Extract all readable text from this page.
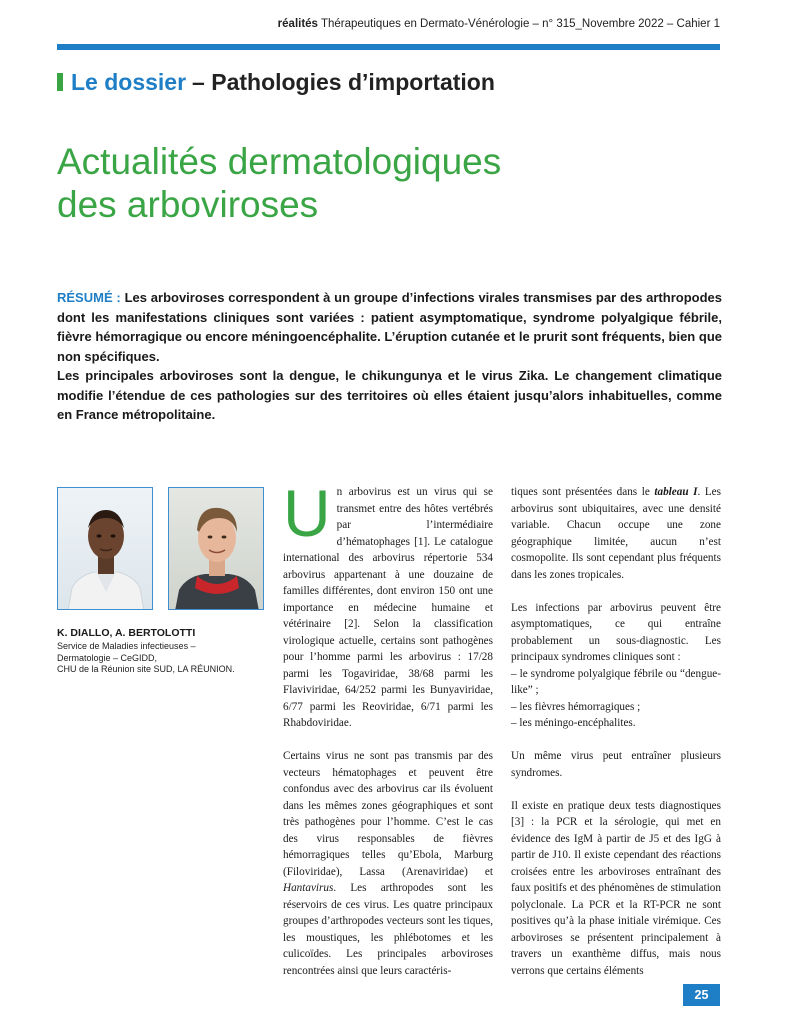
réalités Thérapeutiques en Dermato-Vénérologie – n° 315_Novembre 2022 – Cahier 1
Le dossier – Pathologies d’importation
Actualités dermatologiques
des arboviroses

RÉSUMÉ : Les arboviroses correspondent à un groupe d’infections virales transmises par des arthropodes dont les manifestations cliniques sont variées : patient asymptomatique, syndrome polyalgique fébrile, fièvre hémorragique ou encore méningoencéphalite. L’éruption cutanée et le prurit sont fréquents, bien que non spécifiques.

Les principales arboviroses sont la dengue, le chikungunya et le virus Zika. Le changement climatique modifie l’étendue de ces pathologies sur des territoires où elles étaient jusqu’alors inhabituelles, comme en France métropolitaine.

K. DIALLO, A. BERTOLOTTI
Service de Maladies infectieuses –
Dermatologie – CeGIDD,
CHU de la Réunion site SUD, LA RÉUNION.

Un arbovirus est un virus qui se transmet entre des hôtes vertébrés par l’intermédiaire d’hématophages [1]. Le catalogue international des arbovirus répertorie 534 arbovirus appartenant à une douzaine de familles différentes, dont environ 150 ont une importance en médecine humaine et vétérinaire [2]. Selon la classification virologique actuelle, certains sont pathogènes pour l’homme parmi les arbovirus : 17/28 parmi les Togaviridae, 38/68 parmi les Flaviviridae, 64/252 parmi les Bunyaviridae, 6/77 parmi les Reoviridae, 6/71 parmi les Rhabdoviridae.

Certains virus ne sont pas transmis par des vecteurs hématophages et peuvent être confondus avec des arbovirus car ils évoluent dans les mêmes zones géographiques et sont très pathogènes pour l’homme. C’est le cas des virus responsables de fièvres hémorragiques telles qu’Ebola, Marburg (Filoviridae), Lassa (Arenaviridae) et Hantavirus. Les arthropodes sont les réservoirs de ces virus. Les quatre principaux groupes d’arthropodes vecteurs sont les tiques, les moustiques, les phlébotomes et les culicoïdes. Les principales arboviroses rencontrées ainsi que leurs caractéris-

tiques sont présentées dans le tableau I. Les arbovirus sont ubiquitaires, avec une densité variable. Chacun occupe une zone géographique limitée, aucun n’est cosmopolite. Ils sont cependant plus fréquents dans les zones tropicales.

Les infections par arbovirus peuvent être asymptomatiques, ce qui entraîne probablement un sous-diagnostic. Les principaux syndromes cliniques sont :
– le syndrome polyalgique fébrile ou “dengue-like” ;
– les fièvres hémorragiques ;
– les méningo-encéphalites.

Un même virus peut entraîner plusieurs syndromes.

Il existe en pratique deux tests diagnostiques [3] : la PCR et la sérologie, qui met en évidence des IgM à partir de J5 et des IgG à partir de J10. Il existe cependant des réactions croisées entre les arboviroses entraînant des faux positifs et des phénomènes de stimulation polyclonale. La PCR et la RT-PCR ne sont positives qu’à la phase initiale virémique. Ces arboviroses se présentent principalement à travers un exanthème diffus, mais nous verrons que certains éléments

25
